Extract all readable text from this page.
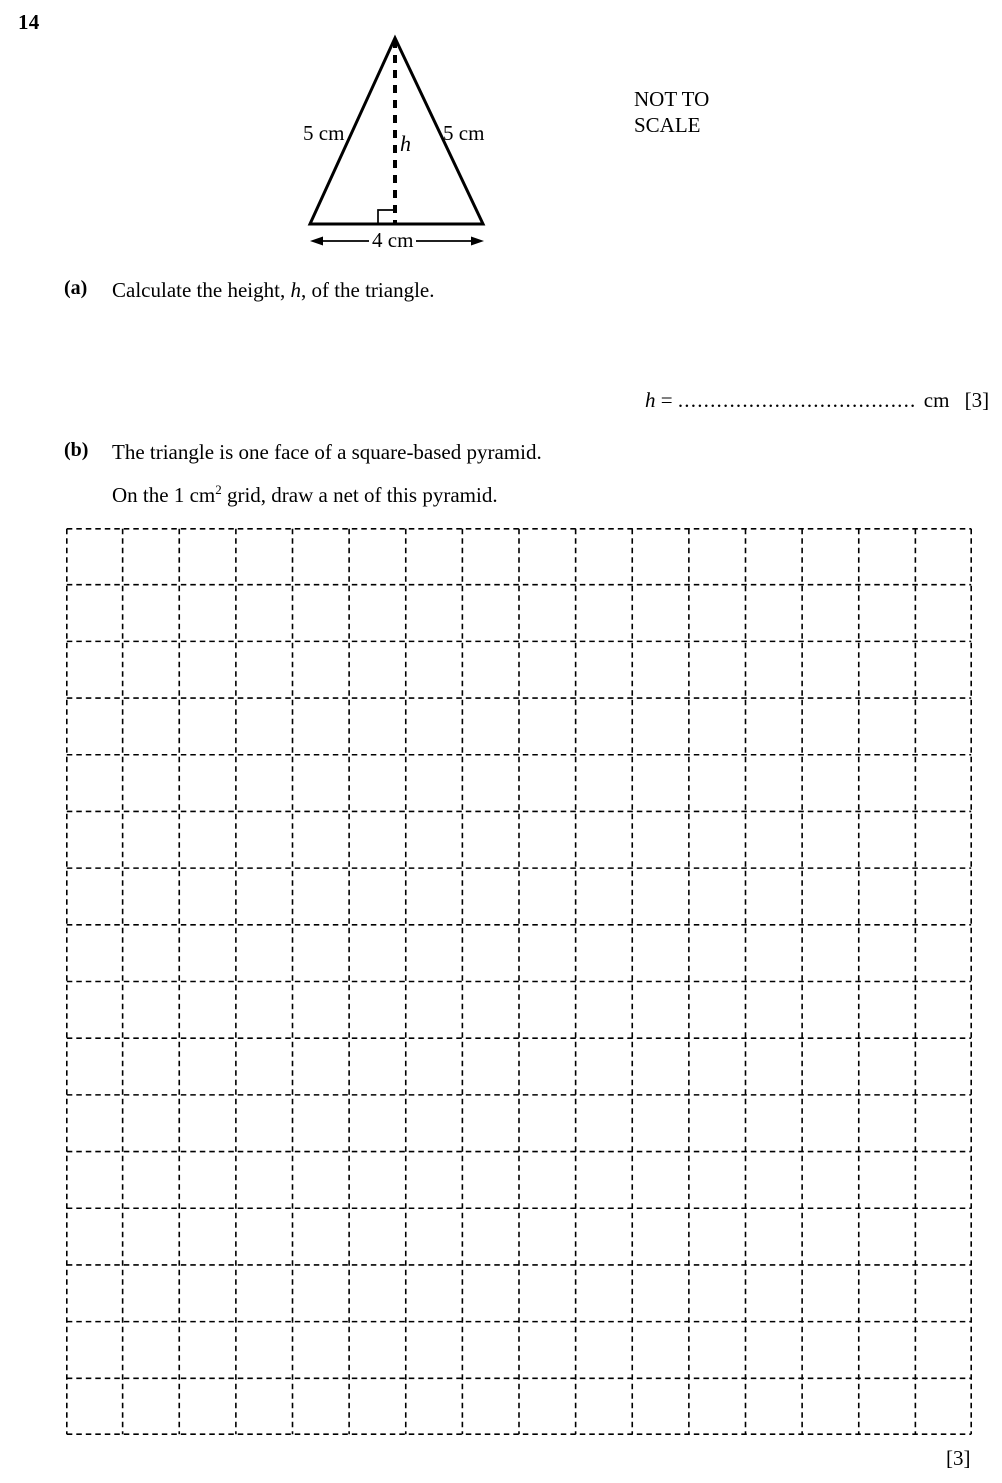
14
5 cm	5 cm
h
4 cm
NOT TO
SCALE
(a) Calculate the height, h, of the triangle.
h = ..................................... cm [3]
(b) The triangle is one face of a square-based pyramid.
On the 1 $cm^2$ grid, draw a net of this pyramid.
[3]
